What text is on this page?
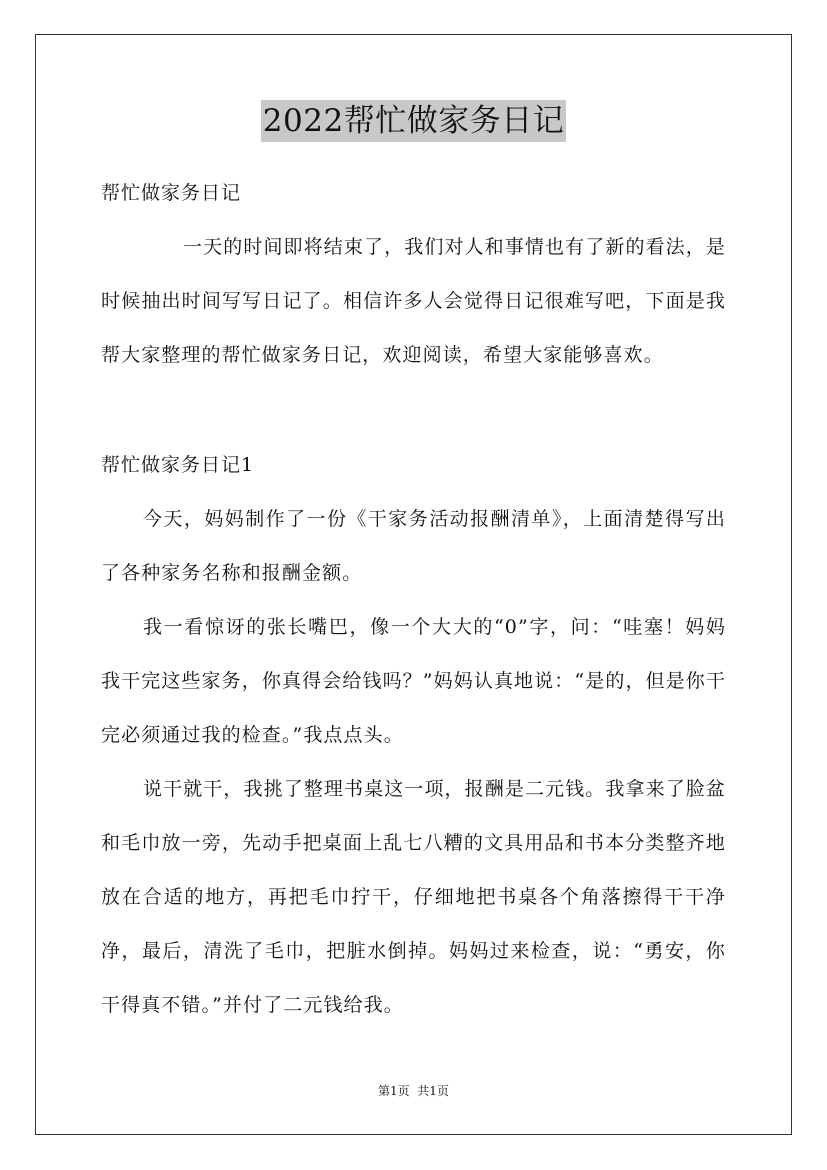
2022帮忙做家务日记
帮忙做家务日记

一天的时间即将结束了，我们对人和事情也有了新的看法，是时候抽出时间写写日记了。相信许多人会觉得日记很难写吧，下面是我帮大家整理的帮忙做家务日记，欢迎阅读，希望大家能够喜欢。

帮忙做家务日记1

今天，妈妈制作了一份《干家务活动报酬清单》，上面清楚得写出了各种家务名称和报酬金额。

我一看惊讶的张长嘴巴，像一个大大的“0”字，问：“哇塞！妈妈我干完这些家务，你真得会给钱吗？”妈妈认真地说：“是的，但是你干完必须通过我的检查。”我点点头。

说干就干，我挑了整理书桌这一项，报酬是二元钱。我拿来了脸盆和毛巾放一旁，先动手把桌面上乱七八糟的文具用品和书本分类整齐地放在合适的地方，再把毛巾拧干，仔细地把书桌各个角落擦得干干净净，最后，清洗了毛巾，把脏水倒掉。妈妈过来检查，说：“勇安，你干得真不错。”并付了二元钱给我。

第1页  共1页
